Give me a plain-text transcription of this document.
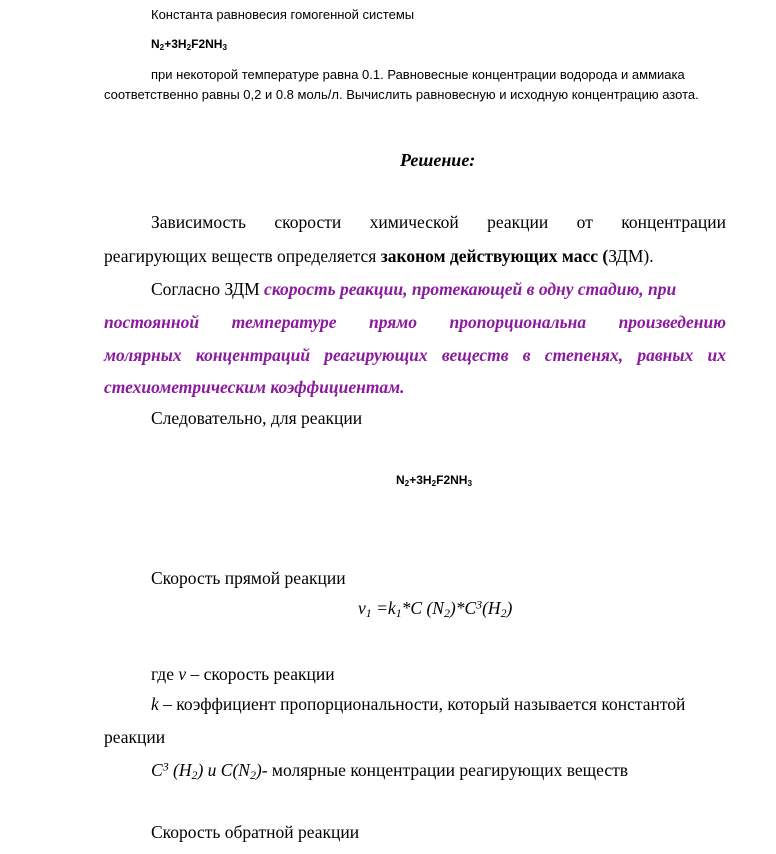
Константа равновесия гомогенной системы
$N_2+3H_2F2NH_3$
при некоторой температуре равна 0.1. Равновесные концентрации водорода и аммиака
соответственно равны 0,2 и 0.8 моль/л. Вычислить равновесную и исходную концентрацию азота.
Решение:
Зависимость скорости химической реакции от концентрации
реагирующих веществ определяется законом действующих масс (ЗДМ).
Согласно ЗДМ скорость реакции, протекающей в одну стадию, при
постоянной температуре прямо пропорциональна произведению
молярных концентраций реагирующих веществ в степенях, равных их
стехиометрическим коэффициентам.
Следовательно, для реакции
$N_2+3H_2F2NH_3$
Скорость прямой реакции
$v_1 =k_1*C$ $(N_2)*C^3(H_2)$
где v – скорость реакции
k – коэффициент пропорциональности, который называется константой
реакции
$C^3$ $(H_2)$ и $C(N_2)-$ молярные концентрации реагирующих веществ
Скорость обратной реакции
